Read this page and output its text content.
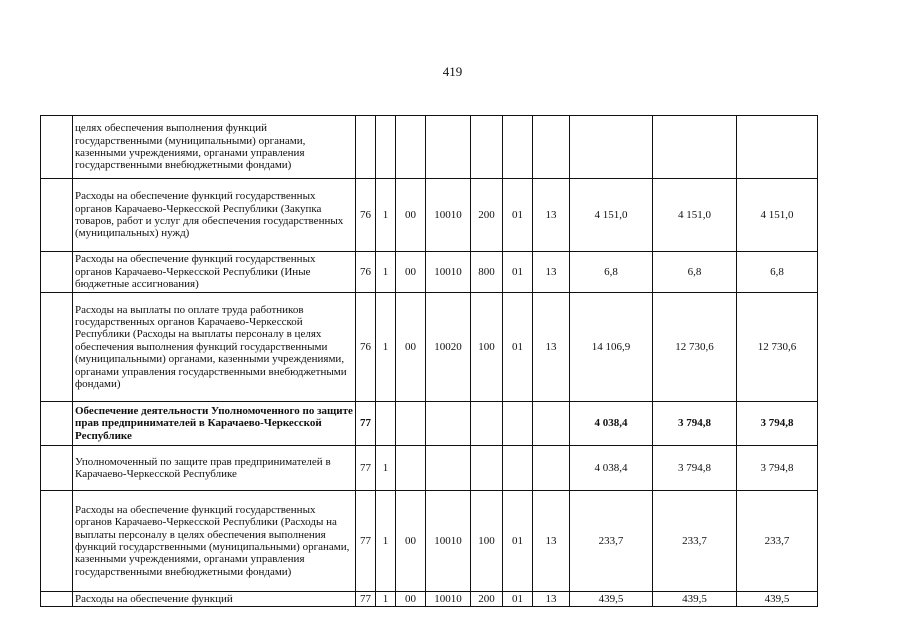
419
	целях обеспечения выполнения функций государственными (муниципальными) органами, казенными учреждениями, органами управления государственными внебюджетными фондами)										
	Расходы на обеспечение функций государственных органов Карачаево-Черкесской Республики (Закупка товаров, работ и услуг для обеспечения государственных (муниципальных) нужд)	76	1	00	10010	200	01	13	4 151,0	4 151,0	4 151,0
	Расходы на обеспечение функций государственных органов Карачаево-Черкесской Республики (Иные бюджетные ассигнования)	76	1	00	10010	800	01	13	6,8	6,8	6,8
	Расходы на выплаты по оплате труда работников государственных органов Карачаево-Черкесской Республики (Расходы на выплаты персоналу в целях обеспечения выполнения функций государственными (муниципальными) органами, казенными учреждениями, органами управления государственными внебюджетными фондами)	76	1	00	10020	100	01	13	14 106,9	12 730,6	12 730,6
	Обеспечение деятельности Уполномоченного по защите прав предпринимателей в Карачаево-Черкесской Республике	77							4 038,4	3 794,8	3 794,8
	Уполномоченный по защите прав предпринимателей в Карачаево-Черкесской Республике	77	1						4 038,4	3 794,8	3 794,8
	Расходы на обеспечение функций государственных органов Карачаево-Черкесской Республики (Расходы на выплаты персоналу в целях обеспечения выполнения функций государственными (муниципальными) органами, казенными учреждениями, органами управления государственными внебюджетными фондами)	77	1	00	10010	100	01	13	233,7	233,7	233,7
	Расходы на обеспечение функций	77	1	00	10010	200	01	13	439,5	439,5	439,5
